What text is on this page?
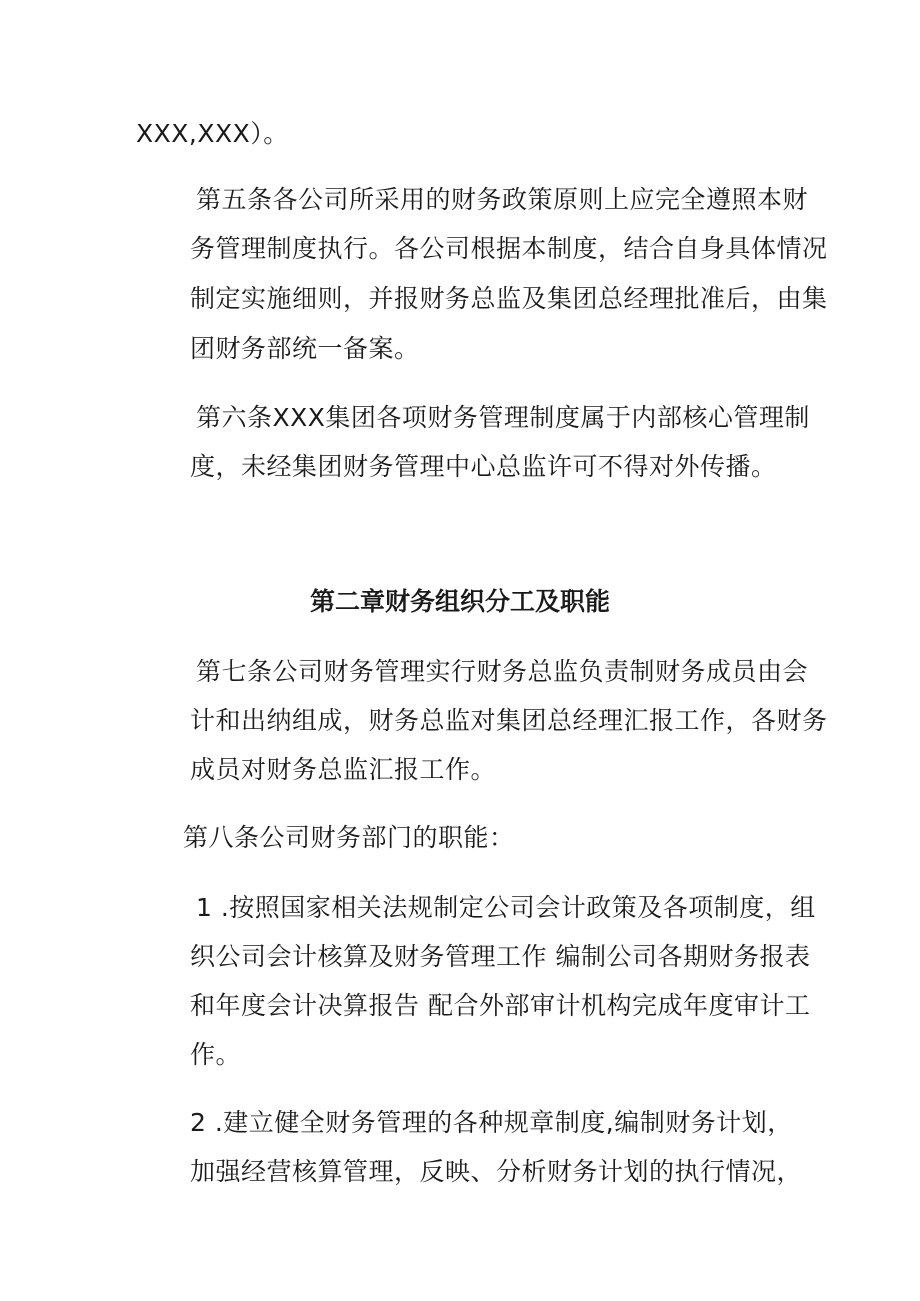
XXX,XXX）。
第五条各公司所采用的财务政策原则上应完全遵照本财
务管理制度执行。各公司根据本制度，结合自身具体情况
制定实施细则，并报财务总监及集团总经理批准后，由集
团财务部统一备案。
第六条XXX集团各项财务管理制度属于内部核心管理制
度，未经集团财务管理中心总监许可不得对外传播。
第二章财务组织分工及职能
第七条公司财务管理实行财务总监负责制财务成员由会
计和出纳组成，财务总监对集团总经理汇报工作，各财务
成员对财务总监汇报工作。
第八条公司财务部门的职能：
1 .按照国家相关法规制定公司会计政策及各项制度，组
织公司会计核算及财务管理工作 编制公司各期财务报表
和年度会计决算报告 配合外部审计机构完成年度审计工
作。
2 .建立健全财务管理的各种规章制度,编制财务计划，
加强经营核算管理，反映、分析财务计划的执行情况，
